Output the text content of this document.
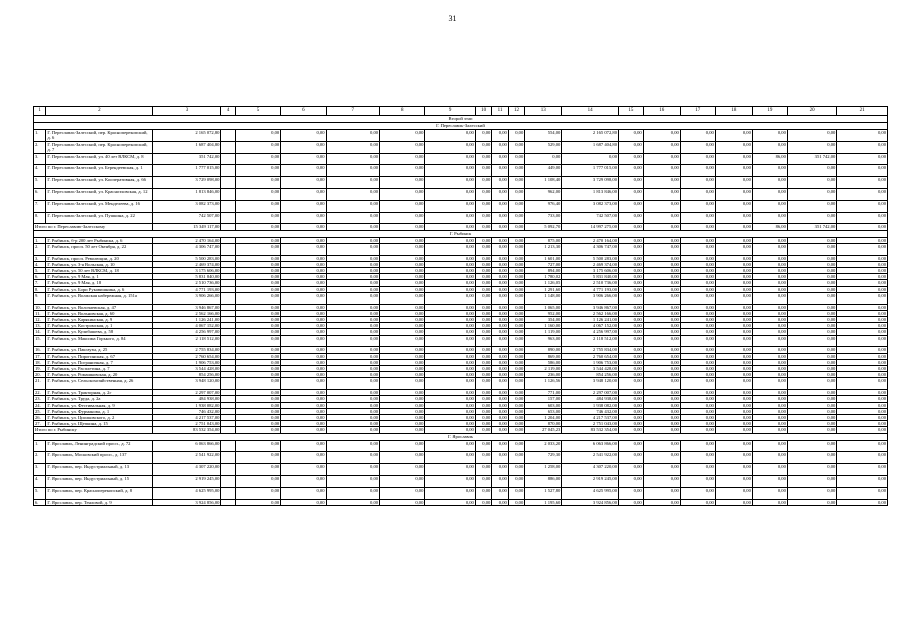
31
1	2	3	4	5	6	7	8	9	10	11	12	13	14	15	16	17	18	19	20	21
Второй этап																				
Г. Переславль-Залесский																				
1.	Г. Переславль-Залесский, пер. Красноперекопский, д. 6	2 165 072,80		0,00	0,00	0,00	0,00	0,00	0,00	0,00	0,00	554,00	2 165 072,80	0,00	0,00	0,00	0,00	0,00	0,00	0,00
2.	Г. Переславль-Залесский, пер. Красноперекопский, д. 7	1 687 404,80		0,00	0,00	0,00	0,00	0,00	0,00	0,00	0,00	529,00	1 687 404,80	0,00	0,00	0,00	0,00	0,00	0,00	0,00
3.	Г. Переславль-Залесский, ул. 40 лет ВЛКСМ, д. 8	351 742,00		0,00	0,00	0,00	0,00	0,00	0,00	0,00	0,00	0,00	0,00	0,00	0,00	0,00	0,00	86,00	351 742,00	0,00
4.	Г. Переславль-Залесский, ул. Берендеевская, д. 1	1 777 015,00		0,00	0,00	0,00	0,00	0,00	0,00	0,00	0,00	449,00	1 777 015,00	0,00	0,00	0,00	0,00	0,00	0,00	0,00
5.	Г. Переславль-Залесский, ул. Кооперативная, д. 66	3 729 098,00		0,00	0,00	0,00	0,00	0,00	0,00	0,00	0,00	1 108,40	3 729 098,00	0,00	0,00	0,00	0,00	0,00	0,00	0,00
6.	Г. Переславль-Залесский, ул. Красноэховская, д. 12	1 813 846,00		0,00	0,00	0,00	0,00	0,00	0,00	0,00	0,00	962,00	1 813 846,00	0,00	0,00	0,00	0,00	0,00	0,00	0,00
7.	Г. Переславль-Залесский, ул. Менделеева, д. 16	3 082 373,00		0,00	0,00	0,00	0,00	0,00	0,00	0,00	0,00	976,40	3 082 373,00	0,00	0,00	0,00	0,00	0,00	0,00	0,00
8.	Г. Переславль-Залесский, ул. Пушкина, д. 22	742 507,00		0,00	0,00	0,00	0,00	0,00	0,00	0,00	0,00	733,00	742 507,00	0,00	0,00	0,00	0,00	0,00	0,00	0,00
Итого по г. Переславлю-Залесскому		15 349 117,00		0,00	0,00	0,00	0,00	0,00	0,00	0,00	0,00	5 092,70	14 997 275,00	0,00	0,00	0,00	0,00	86,00	351 742,00	0,00
Г. Рыбинск																				
1.	Г. Рыбинск, б-р 200 лет Рыбинска, д. 6	2 470 164,00		0,00	0,00	0,00	0,00	0,00	0,00	0,00	0,00	875,00	2 470 164,00	0,00	0,00	0,00	0,00	0,00	0,00	0,00
2.	Г. Рыбинск, просп. 50 лет Октября, д. 22	4 306 747,00		0,00	0,00	0,00	0,00	0,00	0,00	0,00	0,00	1 213,30	4 306 747,00	0,00	0,00	0,00	0,00	0,00	0,00	0,00
3.	Г. Рыбинск, просп. Революции, д. 20	5 500 283,00		0,00	0,00	0,00	0,00	0,00	0,00	0,00	0,00	1 601,00	5 500 283,00	0,00	0,00	0,00	0,00	0,00	0,00	0,00
4.	Г. Рыбинск, ул. 3-я Вольская, д. 10	2 469 374,00		0,00	0,00	0,00	0,00	0,00	0,00	0,00	0,00	727,00	2 469 374,00	0,00	0,00	0,00	0,00	0,00	0,00	0,00
5.	Г. Рыбинск, ул. 50 лет ВЛКСМ, д. 18	3 175 606,00		0,00	0,00	0,00	0,00	0,00	0,00	0,00	0,00	894,00	3 175 606,00	0,00	0,00	0,00	0,00	0,00	0,00	0,00
6.	Г. Рыбинск, ул. 9 Мая, д. 1	5 831 840,00		0,00	0,00	0,00	0,00	0,00	0,00	0,00	0,00	1 780,02	5 831 840,00	0,00	0,00	0,00	0,00	0,00	0,00	0,00
7.	Г. Рыбинск, ул. 9 Мая, д. 18	2 510 736,00		0,00	0,00	0,00	0,00	0,00	0,00	0,00	0,00	1 126,05	2 510 736,00	0,00	0,00	0,00	0,00	0,00	0,00	0,00
8.	Г. Рыбинск, ул. Бори Рукавишника, д. 6	4 771 193,00		0,00	0,00	0,00	0,00	0,00	0,00	0,00	0,00	1 291,60	4 771 193,00	0,00	0,00	0,00	0,00	0,00	0,00	0,00
9.	Г. Рыбинск, ул. Волжская набережная, д. 151а	3 906 266,00		0,00	0,00	0,00	0,00	0,00	0,00	0,00	0,00	1 148,00	3 906 266,00	0,00	0,00	0,00	0,00	0,00	0,00	0,00
10.	Г. Рыбинск, ул. Волочаевская, д. 47	3 946 867,00		0,00	0,00	0,00	0,00	0,00	0,00	0,00	0,00	1 065,00	3 946 867,00	0,00	0,00	0,00	0,00	0,00	0,00	0,00
11.	Г. Рыбинск, ул. Вольновская, д. 60	2 562 166,00		0,00	0,00	0,00	0,00	0,00	0,00	0,00	0,00	952,00	2 562 166,00	0,00	0,00	0,00	0,00	0,00	0,00	0,00
12.	Г. Рыбинск, ул. Карякинская, д. 9	1 126 241,00		0,00	0,00	0,00	0,00	0,00	0,00	0,00	0,00	354,00	1 126 241,00	0,00	0,00	0,00	0,00	0,00	0,00	0,00
13.	Г. Рыбинск, ул. Костромская, д. 1	4 067 152,00		0,00	0,00	0,00	0,00	0,00	0,00	0,00	0,00	1 160,00	4 067 152,00	0,00	0,00	0,00	0,00	0,00	0,00	0,00
14.	Г. Рыбинск, ул. Кулибашева, д. 58	4 256 997,00		0,00	0,00	0,00	0,00	0,00	0,00	0,00	0,00	1 119,00	4 256 997,00	0,00	0,00	0,00	0,00	0,00	0,00	0,00
15.	Г. Рыбинск, ул. Максима Горького, д. 84	2 118 512,00		0,00	0,00	0,00	0,00	0,00	0,00	0,00	0,00	963,00	2 118 512,00	0,00	0,00	0,00	0,00	0,00	0,00	0,00
16.	Г. Рыбинск, ул. Пакгаузн, д. 25	2 755 834,00		0,00	0,00	0,00	0,00	0,00	0,00	0,00	0,00	890,00	2 755 834,00	0,00	0,00	0,00	0,00	0,00	0,00	0,00
17.	Г. Рыбинск, ул. Пирогинская, д. 67	2 760 654,00		0,00	0,00	0,00	0,00	0,00	0,00	0,00	0,00	869,00	2 760 654,00	0,00	0,00	0,00	0,00	0,00	0,00	0,00
18.	Г. Рыбинск, ул. Пограничная, д. 7	1 906 753,00		0,00	0,00	0,00	0,00	0,00	0,00	0,00	0,00	586,00	1 906 753,00	0,00	0,00	0,00	0,00	0,00	0,00	0,00
19.	Г. Рыбинск, ул. Расплетина, д. 7	3 544 428,00		0,00	0,00	0,00	0,00	0,00	0,00	0,00	0,00	2 119,00	3 544 428,00	0,00	0,00	0,00	0,00	0,00	0,00	0,00
20.	Г. Рыбинск, ул. Ромашковская, д. 20	854 256,00		0,00	0,00	0,00	0,00	0,00	0,00	0,00	0,00	236,00	854 256,00	0,00	0,00	0,00	0,00	0,00	0,00	0,00
21.	Г. Рыбинск, ул. Сельскохозяйственная, д. 26	3 948 120,00		0,00	0,00	0,00	0,00	0,00	0,00	0,00	0,00	1 126,56	3 948 120,00	0,00	0,00	0,00	0,00	0,00	0,00	0,00
22.	Г. Рыбинск, ул. Тракторная, д. 2г	2 297 007,00		0,00	0,00	0,00	0,00	0,00	0,00	0,00	0,00	771,00	2 297 007,00	0,00	0,00	0,00	0,00	0,00	0,00	0,00
23.	Г. Рыбинск, ул. Труда, д. 2а	484 938,00		0,00	0,00	0,00	0,00	0,00	0,00	0,00	0,00	157,00	484 938,00	0,00	0,00	0,00	0,00	0,00	0,00	0,00
24.	Г. Рыбинск, ул. Фестивальная, д. 9	1 938 082,00		0,00	0,00	0,00	0,00	0,00	0,00	0,00	0,00	603,00	1 938 082,00	0,00	0,00	0,00	0,00	0,00	0,00	0,00
25.	Г. Рыбинск, ул. Фурманова, д. 1	746 432,00		0,00	0,00	0,00	0,00	0,00	0,00	0,00	0,00	653,00	746 432,00	0,00	0,00	0,00	0,00	0,00	0,00	0,00
26.	Г. Рыбинск, ул. Циолковского, д. 2	4 217 537,00		0,00	0,00	0,00	0,00	0,00	0,00	0,00	0,00	1 204,00	4 217 537,00	0,00	0,00	0,00	0,00	0,00	0,00	0,00
27.	Г. Рыбинск, ул. Щепкина, д. 15	2 751 043,00		0,00	0,00	0,00	0,00	0,00	0,00	0,00	0,00	870,00	2 751 043,00	0,00	0,00	0,00	0,00	0,00	0,00	0,00
Итого по г. Рыбинску		83 532 354,00		0,00	0,00	0,00	0,00	0,00	0,00	0,00	0,00	27 045,23	83 532 354,00	0,00	0,00	0,00	0,00	0,00	0,00	0,00
Г. Ярославль																				
1.	Г. Ярославль, Ленинградский просп., д. 72	6 063 866,00		0,00	0,00	0,00	0,00	0,00	0,00	0,00	0,00	2 033,20	6 063 866,00	0,00	0,00	0,00	0,00	0,00	0,00	0,00
2.	Г. Ярославль, Московский просп., д. 137	2 541 922,00		0,00	0,00	0,00	0,00	0,00	0,00	0,00	0,00	729,30	2 541 922,00	0,00	0,00	0,00	0,00	0,00	0,00	0,00
3.	Г. Ярославль, пер. Индустриальный, д. 13	4 307 220,00		0,00	0,00	0,00	0,00	0,00	0,00	0,00	0,00	1 258,00	4 307 220,00	0,00	0,00	0,00	0,00	0,00	0,00	0,00
4.	Г. Ярославль, пер. Индустриальный, д. 15	2 919 245,00		0,00	0,00	0,00	0,00	0,00	0,00	0,00	0,00	886,00	2 919 245,00	0,00	0,00	0,00	0,00	0,00	0,00	0,00
5.	Г. Ярославль, пер. Красноперекопский, д. 8	4 625 995,00		0,00	0,00	0,00	0,00	0,00	0,00	0,00	0,00	1 527,80	4 625 995,00	0,00	0,00	0,00	0,00	0,00	0,00	0,00
6.	Г. Ярославль, пер. Тенловой, д. 9	3 924 856,00		0,00	0,00	0,00	0,00	0,00	0,00	0,00	0,00	1 195,60	3 924 856,00	0,00	0,00	0,00	0,00	0,00	0,00	0,00
